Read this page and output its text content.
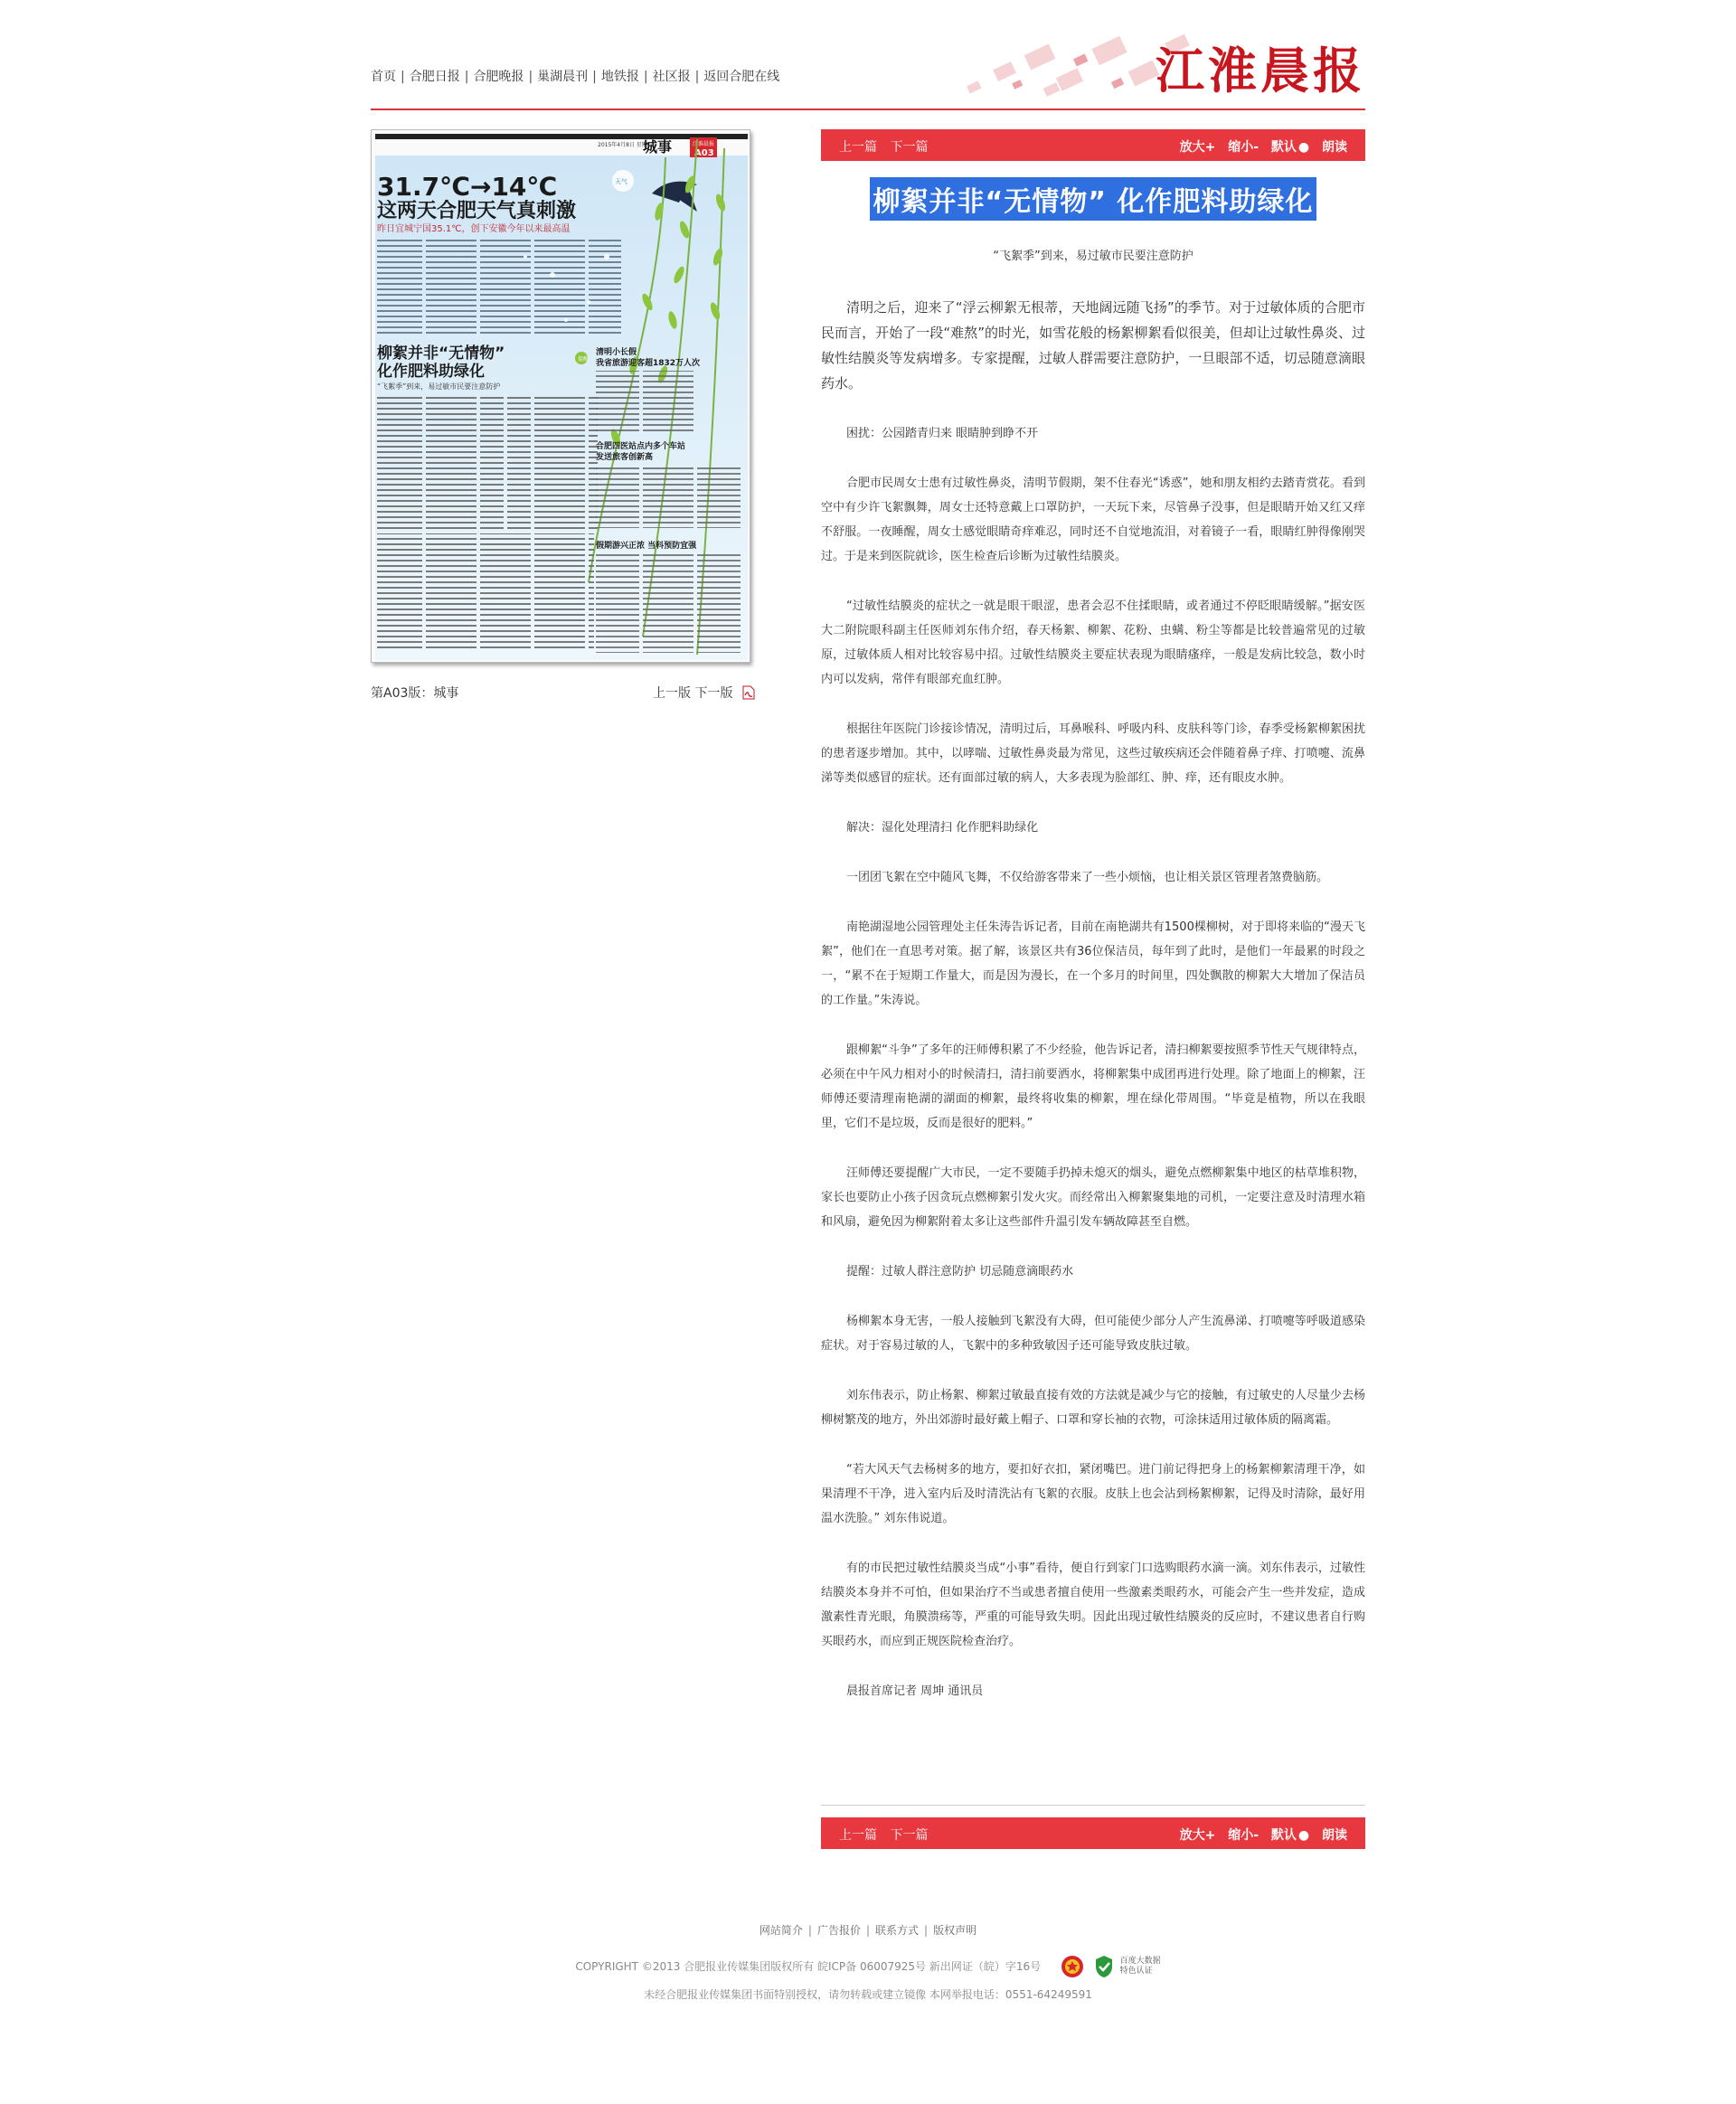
首页 | 合肥日报 | 合肥晚报 | 巢湖晨刊 | 地铁报 | 社区报 | 返回合肥在线	江淮晨报
2015年4月8日 星期三
城事	江淮晨报
A03
天气
31.7℃→14℃
这两天合肥天气真刺激
昨日宜城宁国35.1℃，创下安徽今年以来最高温
柳絮并非“无情物”
化作肥料助绿化
“飞絮季”到来，易过敏市民要注意防护
提醒
清明小长假
我省旅游迎客超1832万人次
合肥四医站点内多个车站
发送旅客创新高
假期游兴正浓 当科预防宜强
第A03版：城事	上一版 下一版
上一篇 下一篇	放大+ 缩小- 默认 ● 朗读
柳絮并非“无情物” 化作肥料助绿化
“飞絮季”到来，易过敏市民要注意防护

清明之后，迎来了“浮云柳絮无根蒂，天地阔远随飞扬”的季节。对于过敏体质的合肥市民而言，开始了一段“难熬”的时光，如雪花般的杨絮柳絮看似很美，但却让过敏性鼻炎、过敏性结膜炎等发病增多。专家提醒，过敏人群需要注意防护，一旦眼部不适，切忌随意滴眼药水。

困扰：公园踏青归来 眼睛肿到睁不开

合肥市民周女士患有过敏性鼻炎，清明节假期，架不住春光“诱惑”，她和朋友相约去踏青赏花。看到空中有少许飞絮飘舞，周女士还特意戴上口罩防护，一天玩下来，尽管鼻子没事，但是眼睛开始又红又痒不舒服。一夜睡醒，周女士感觉眼睛奇痒难忍，同时还不自觉地流泪，对着镜子一看，眼睛红肿得像刚哭过。于是来到医院就诊，医生检查后诊断为过敏性结膜炎。

“过敏性结膜炎的症状之一就是眼干眼涩，患者会忍不住揉眼睛，或者通过不停眨眼睛缓解。”据安医大二附院眼科副主任医师刘东伟介绍，春天杨絮、柳絮、花粉、虫螨、粉尘等都是比较普遍常见的过敏原，过敏体质人相对比较容易中招。过敏性结膜炎主要症状表现为眼睛瘙痒，一般是发病比较急，数小时内可以发病，常伴有眼部充血红肿。

根据往年医院门诊接诊情况，清明过后，耳鼻喉科、呼吸内科、皮肤科等门诊，春季受杨絮柳絮困扰的患者逐步增加。其中，以哮喘、过敏性鼻炎最为常见，这些过敏疾病还会伴随着鼻子痒、打喷嚏、流鼻涕等类似感冒的症状。还有面部过敏的病人，大多表现为脸部红、肿、痒，还有眼皮水肿。

解决：湿化处理清扫 化作肥料助绿化

一团团飞絮在空中随风飞舞，不仅给游客带来了一些小烦恼，也让相关景区管理者煞费脑筋。

南艳湖湿地公园管理处主任朱涛告诉记者，目前在南艳湖共有1500棵柳树，对于即将来临的“漫天飞絮”，他们在一直思考对策。据了解，该景区共有36位保洁员，每年到了此时，是他们一年最累的时段之一，“累不在于短期工作量大，而是因为漫长，在一个多月的时间里，四处飘散的柳絮大大增加了保洁员的工作量。”朱涛说。

跟柳絮“斗争”了多年的汪师傅积累了不少经验，他告诉记者，清扫柳絮要按照季节性天气规律特点，必须在中午风力相对小的时候清扫，清扫前要洒水，将柳絮集中成团再进行处理。除了地面上的柳絮，汪师傅还要清理南艳湖的湖面的柳絮，最终将收集的柳絮，埋在绿化带周围。“毕竟是植物，所以在我眼里，它们不是垃圾，反而是很好的肥料。”

汪师傅还要提醒广大市民，一定不要随手扔掉未熄灭的烟头，避免点燃柳絮集中地区的枯草堆积物，家长也要防止小孩子因贪玩点燃柳絮引发火灾。而经常出入柳絮聚集地的司机，一定要注意及时清理水箱和风扇，避免因为柳絮附着太多让这些部件升温引发车辆故障甚至自燃。

提醒：过敏人群注意防护 切忌随意滴眼药水

杨柳絮本身无害，一般人接触到飞絮没有大碍，但可能使少部分人产生流鼻涕、打喷嚏等呼吸道感染症状。对于容易过敏的人，飞絮中的多种致敏因子还可能导致皮肤过敏。

刘东伟表示，防止杨絮、柳絮过敏最直接有效的方法就是减少与它的接触，有过敏史的人尽量少去杨柳树繁茂的地方，外出郊游时最好戴上帽子、口罩和穿长袖的衣物，可涂抹适用过敏体质的隔离霜。

“若大风天气去杨树多的地方，要扣好衣扣，紧闭嘴巴。进门前记得把身上的杨絮柳絮清理干净，如果清理不干净，进入室内后及时清洗沾有飞絮的衣服。皮肤上也会沾到杨絮柳絮，记得及时清除，最好用温水洗脸。” 刘东伟说道。

有的市民把过敏性结膜炎当成“小事”看待，便自行到家门口选购眼药水滴一滴。刘东伟表示，过敏性结膜炎本身并不可怕，但如果治疗不当或患者擅自使用一些激素类眼药水，可能会产生一些并发症，造成激素性青光眼，角膜溃疡等，严重的可能导致失明。因此出现过敏性结膜炎的反应时，不建议患者自行购买眼药水，而应到正规医院检查治疗。

晨报首席记者 周坤 通讯员

上一篇 下一篇	放大+ 缩小- 默认 ● 朗读
网站简介 | 广告报价 | 联系方式 | 版权声明
COPYRIGHT ©2013 合肥报业传媒集团版权所有 皖ICP备 06007925号 新出网证（皖）字16号	百度大数据
特色认证
未经合肥报业传媒集团书面特别授权，请勿转载或建立镜像 本网举报电话：0551-64249591
